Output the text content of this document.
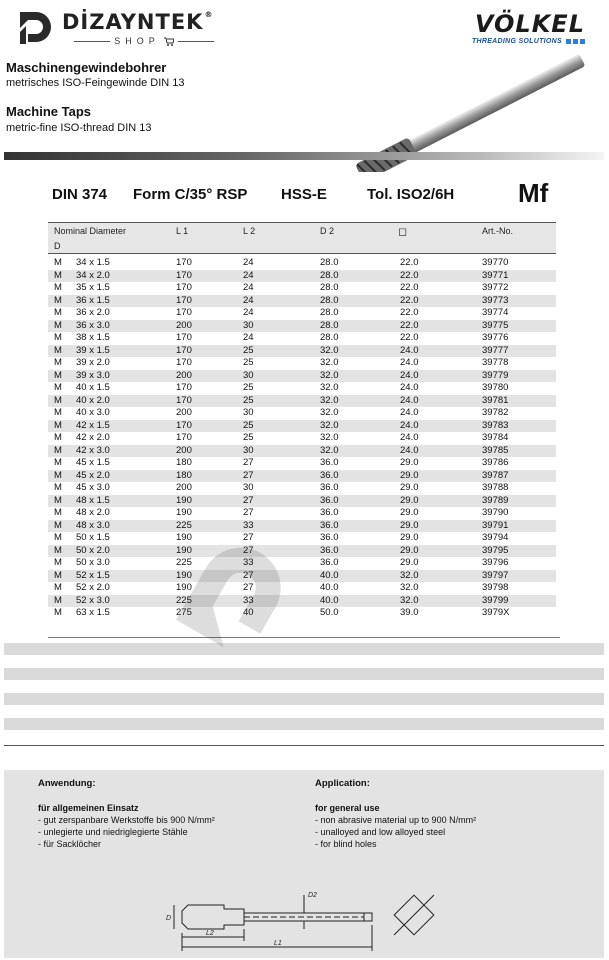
DİZAYNTEK®
SHOP
VÖLKEL
THREADING SOLUTIONS
Maschinengewindebohrer
metrisches ISO-Feingewinde DIN 13
Machine Taps
metric-fine ISO-thread DIN 13
DIN 374 Form C/35° RSP HSS-E	Tol. ISO2/6H Mf
Nominal Diameter
D
L 1	L 2	D 2	◻	Art.-No.
M 34 x 1.5	170	24	28.0	22.0	39770
M 34 x 2.0	170	24	28.0	22.0	39771
M 35 x 1.5	170	24	28.0	22.0	39772
M 36 x 1.5	170	24	28.0	22.0	39773
M 36 x 2.0	170	24	28.0	22.0	39774
M 36 x 3.0	200	30	28.0	22.0	39775
M 38 x 1.5	170	24	28.0	22.0	39776
M 39 x 1.5	170	25	32.0	24.0	39777
M 39 x 2.0	170	25	32.0	24.0	39778
M 39 x 3.0	200	30	32.0	24.0	39779
M 40 x 1.5	170	25	32.0	24.0	39780
M 40 x 2.0	170	25	32.0	24.0	39781
M 40 x 3.0	200	30	32.0	24.0	39782
M 42 x 1.5	170	25	32.0	24.0	39783
M 42 x 2.0	170	25	32.0	24.0	39784
M 42 x 3.0	200	30	32.0	24.0	39785
M 45 x 1.5	180	27	36.0	29.0	39786
M 45 x 2.0	180	27	36.0	29.0	39787
M 45 x 3.0	200	30	36.0	29.0	39788
M 48 x 1.5	190	27	36.0	29.0	39789
M 48 x 2.0	190	27	36.0	29.0	39790
M 48 x 3.0	225	33	36.0	29.0	39791
M 50 x 1.5	190	27	36.0	29.0	39794
M 50 x 2.0	190	27	36.0	29.0	39795
M 50 x 3.0	225	33	36.0	29.0	39796
M 52 x 1.5	190	27	40.0	32.0	39797
M 52 x 2.0	190	27	40.0	32.0	39798
M 52 x 3.0	225	33	40.0	32.0	39799
M 63 x 1.5	275	40	50.0	39.0	3979X
Anwendung:
für allgemeinen Einsatz
- gut zerspanbare Werkstoffe bis 900 N/mm²
- unlegierte und niedriglegierte Stähle
- für Sacklöcher
Application:
for general use
- non abrasive material up to 900 N/mm²
- unalloyed and low alloyed steel
- for blind holes
D
D2
L2
L1
